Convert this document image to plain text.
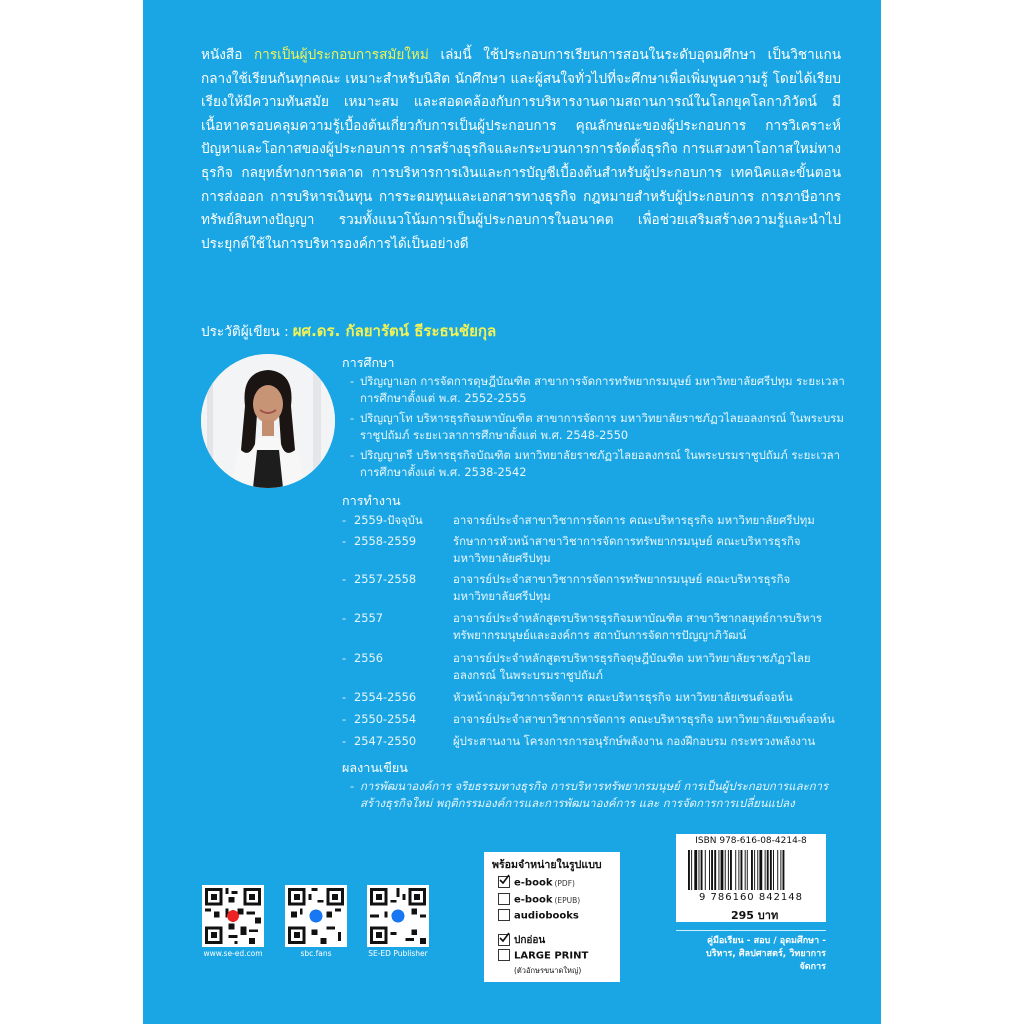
หนังสือ การเป็นผู้ประกอบการสมัยใหม่ เล่มนี้ ใช้ประกอบการเรียนการสอนในระดับอุดมศึกษา เป็นวิชาแกนกลางใช้เรียนกันทุกคณะ เหมาะสำหรับนิสิต นักศึกษา และผู้สนใจทั่วไปที่จะศึกษาเพื่อเพิ่มพูนความรู้ โดยได้เรียบเรียงให้มีความทันสมัย เหมาะสม และสอดคล้องกับการบริหารงานตามสถานการณ์ในโลกยุคโลกาภิวัตน์ มีเนื้อหาครอบคลุมความรู้เบื้องต้นเกี่ยวกับการเป็นผู้ประกอบการ คุณลักษณะของผู้ประกอบการ การวิเคราะห์ปัญหาและโอกาสของผู้ประกอบการ การสร้างธุรกิจและกระบวนการการจัดตั้งธุรกิจ การแสวงหาโอกาสใหม่ทางธุรกิจ กลยุทธ์ทางการตลาด การบริหารการเงินและการบัญชีเบื้องต้นสำหรับผู้ประกอบการ เทคนิคและขั้นตอนการส่งออก การบริหารเงินทุน การระดมทุนและเอกสารทางธุรกิจ กฎหมายสำหรับผู้ประกอบการ การภาษีอากร ทรัพย์สินทางปัญญา รวมทั้งแนวโน้มการเป็นผู้ประกอบการในอนาคต เพื่อช่วยเสริมสร้างความรู้และนำไปประยุกต์ใช้ในการบริหารองค์การได้เป็นอย่างดี
ประวัติผู้เขียน : ผศ.ดร. กัลยารัตน์ ธีระธนชัยกุล
การศึกษา
- ปริญญาเอก การจัดการดุษฎีบัณฑิต สาขาการจัดการทรัพยากรมนุษย์ มหาวิทยาลัยศรีปทุม ระยะเวลาการศึกษาตั้งแต่ พ.ศ. 2552-2555
- ปริญญาโท บริหารธุรกิจมหาบัณฑิต สาขาการจัดการ มหาวิทยาลัยราชภัฏวไลยอลงกรณ์ ในพระบรมราชูปถัมภ์ ระยะเวลาการศึกษาตั้งแต่ พ.ศ. 2548-2550
- ปริญญาตรี บริหารธุรกิจบัณฑิต มหาวิทยาลัยราชภัฏวไลยอลงกรณ์ ในพระบรมราชูปถัมภ์ ระยะเวลาการศึกษาตั้งแต่ พ.ศ. 2538-2542
การทำงาน
- 2559-ปัจจุบัน	อาจารย์ประจำสาขาวิชาการจัดการ คณะบริหารธุรกิจ มหาวิทยาลัยศรีปทุม
- 2558-2559	รักษาการหัวหน้าสาขาวิชาการจัดการทรัพยากรมนุษย์ คณะบริหารธุรกิจ มหาวิทยาลัยศรีปทุม
- 2557-2558	อาจารย์ประจำสาขาวิชาการจัดการทรัพยากรมนุษย์ คณะบริหารธุรกิจ มหาวิทยาลัยศรีปทุม
- 2557	อาจารย์ประจำหลักสูตรบริหารธุรกิจมหาบัณฑิต สาขาวิชากลยุทธ์การบริหารทรัพยากรมนุษย์และองค์การ สถาบันการจัดการปัญญาภิวัฒน์
- 2556	อาจารย์ประจำหลักสูตรบริหารธุรกิจดุษฎีบัณฑิต มหาวิทยาลัยราชภัฏวไลยอลงกรณ์ ในพระบรมราชูปถัมภ์
- 2554-2556	หัวหน้ากลุ่มวิชาการจัดการ คณะบริหารธุรกิจ มหาวิทยาลัยเซนต์จอห์น
- 2550-2554	อาจารย์ประจำสาขาวิชาการจัดการ คณะบริหารธุรกิจ มหาวิทยาลัยเซนต์จอห์น
- 2547-2550	ผู้ประสานงาน โครงการการอนุรักษ์พลังงาน กองฝึกอบรม กระทรวงพลังงาน
ผลงานเขียน
- การพัฒนาองค์การ จริยธรรมทางธุรกิจ การบริหารทรัพยากรมนุษย์ การเป็นผู้ประกอบการและการสร้างธุรกิจใหม่ พฤติกรรมองค์การและการพัฒนาองค์การ และ การจัดการการเปลี่ยนแปลง
www.se-ed.com	sbc.fans	SE-ED Publisher
พร้อมจำหน่ายในรูปแบบ
e-book (PDF)
e-book (EPUB)
audiobooks
ปกอ่อน
LARGE PRINT
(ตัวอักษรขนาดใหญ่)
ISBN 978-616-08-4214-8
9 786160 842148
295 บาท
คู่มือเรียน - สอบ / อุดมศึกษา - บริหาร, ศิลปศาสตร์, วิทยาการจัดการ
